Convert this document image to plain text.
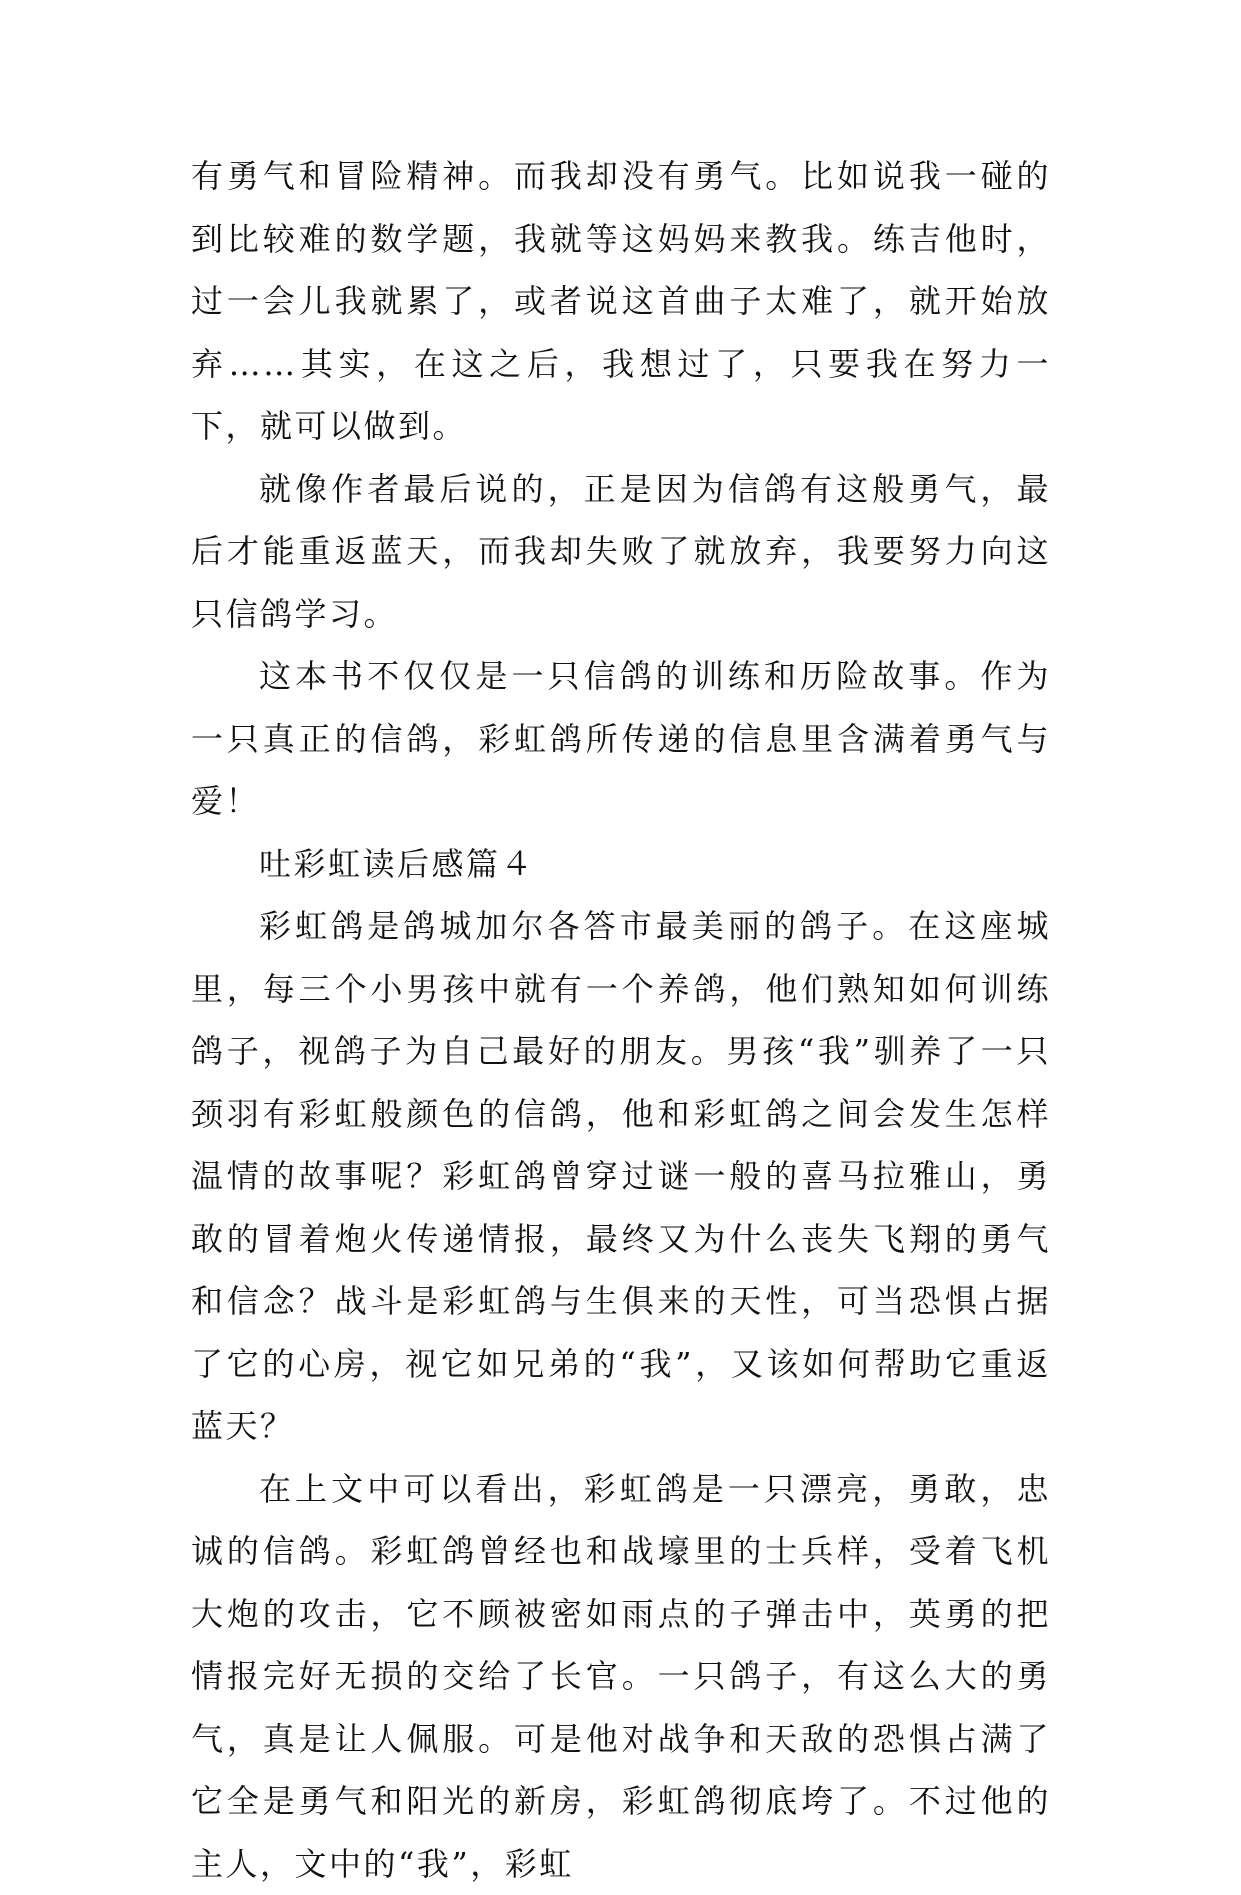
有勇气和冒险精神。而我却没有勇气。比如说我一碰的到比较难的数学题，我就等这妈妈来教我。练吉他时，过一会儿我就累了，或者说这首曲子太难了，就开始放弃……其实，在这之后，我想过了，只要我在努力一下，就可以做到。

就像作者最后说的，正是因为信鸽有这般勇气，最后才能重返蓝天，而我却失败了就放弃，我要努力向这只信鸽学习。

这本书不仅仅是一只信鸽的训练和历险故事。作为一只真正的信鸽，彩虹鸽所传递的信息里含满着勇气与爱！

吐彩虹读后感篇４

彩虹鸽是鸽城加尔各答市最美丽的鸽子。在这座城里，每三个小男孩中就有一个养鸽，他们熟知如何训练鸽子，视鸽子为自己最好的朋友。男孩“我”驯养了一只颈羽有彩虹般颜色的信鸽，他和彩虹鸽之间会发生怎样温情的故事呢？彩虹鸽曾穿过谜一般的喜马拉雅山，勇敢的冒着炮火传递情报，最终又为什么丧失飞翔的勇气和信念？战斗是彩虹鸽与生俱来的天性，可当恐惧占据了它的心房，视它如兄弟的“我”，又该如何帮助它重返蓝天？

在上文中可以看出，彩虹鸽是一只漂亮，勇敢，忠诚的信鸽。彩虹鸽曾经也和战壕里的士兵样，受着飞机大炮的攻击，它不顾被密如雨点的子弹击中，英勇的把情报完好无损的交给了长官。一只鸽子，有这么大的勇气，真是让人佩服。可是他对战争和天敌的恐惧占满了它全是勇气和阳光的新房，彩虹鸽彻底垮了。不过他的主人，文中的“我”，彩虹
